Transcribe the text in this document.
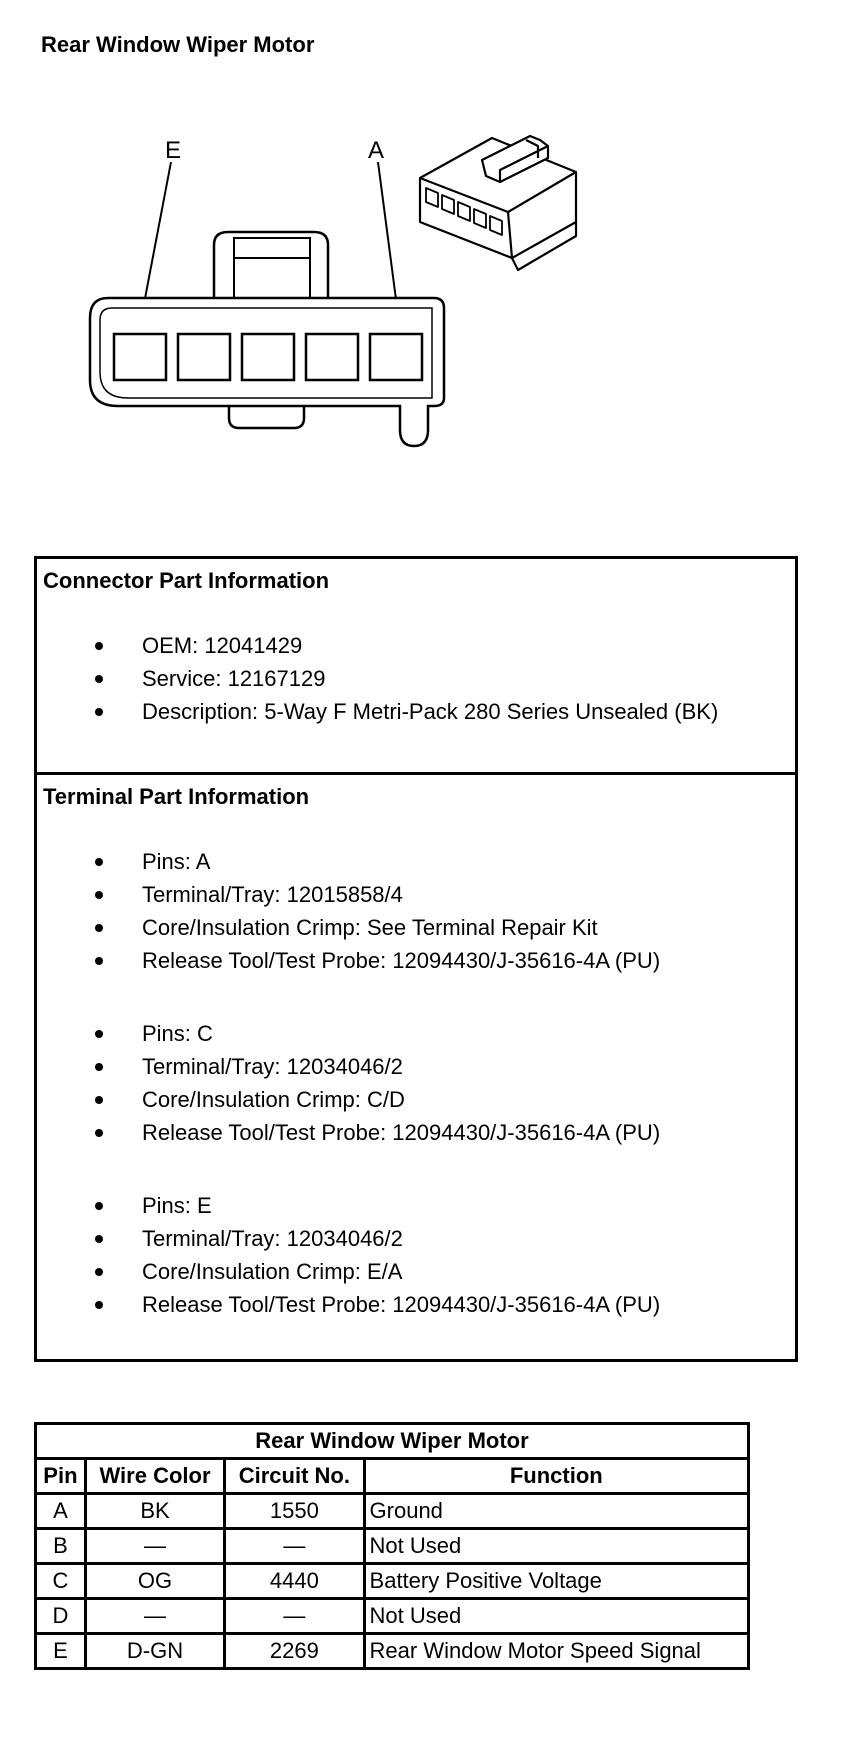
Rear Window Wiper Motor
E	A
Connector Part Information
OEM: 12041429
Service: 12167129
Description: 5-Way F Metri-Pack 280 Series Unsealed (BK)
Terminal Part Information
Pins: A
Terminal/Tray: 12015858/4
Core/Insulation Crimp: See Terminal Repair Kit
Release Tool/Test Probe: 12094430/J-35616-4A (PU)
Pins: C
Terminal/Tray: 12034046/2
Core/Insulation Crimp: C/D
Release Tool/Test Probe: 12094430/J-35616-4A (PU)
Pins: E
Terminal/Tray: 12034046/2
Core/Insulation Crimp: E/A
Release Tool/Test Probe: 12094430/J-35616-4A (PU)
Rear Window Wiper Motor			
Pin	Wire Color	Circuit No.	Function
A	BK	1550	Ground
B	—	—	Not Used
C	OG	4440	Battery Positive Voltage
D	—	—	Not Used
E	D-GN	2269	Rear Window Motor Speed Signal
